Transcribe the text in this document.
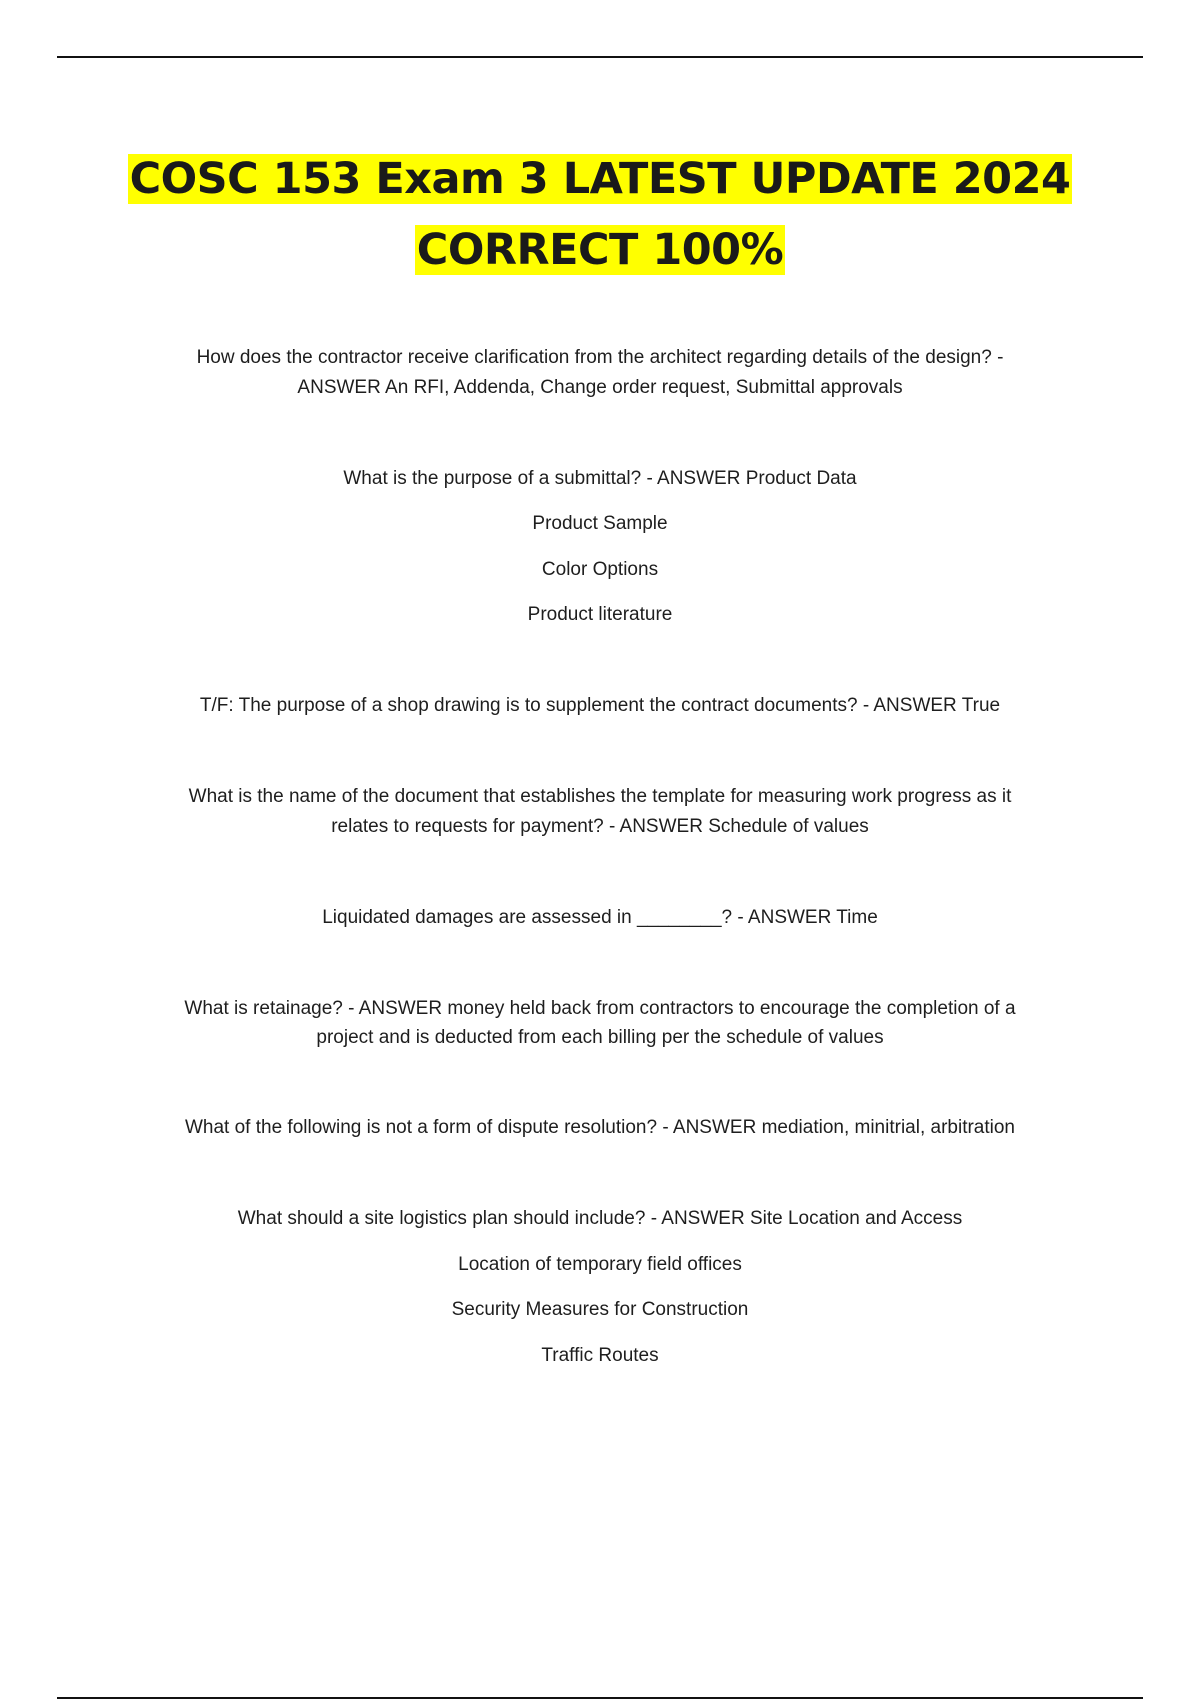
COSC 153 Exam 3 LATEST UPDATE 2024
CORRECT 100%
How does the contractor receive clarification from the architect regarding details of the design? -
ANSWER An RFI, Addenda, Change order request, Submittal approvals
What is the purpose of a submittal? - ANSWER Product Data
Product Sample
Color Options
Product literature
T/F: The purpose of a shop drawing is to supplement the contract documents? - ANSWER True
What is the name of the document that establishes the template for measuring work progress as it
relates to requests for payment? - ANSWER Schedule of values
Liquidated damages are assessed in ________? - ANSWER Time
What is retainage? - ANSWER money held back from contractors to encourage the completion of a
project and is deducted from each billing per the schedule of values
What of the following is not a form of dispute resolution? - ANSWER mediation, minitrial, arbitration
What should a site logistics plan should include? - ANSWER Site Location and Access
Location of temporary field offices
Security Measures for Construction
Traffic Routes
